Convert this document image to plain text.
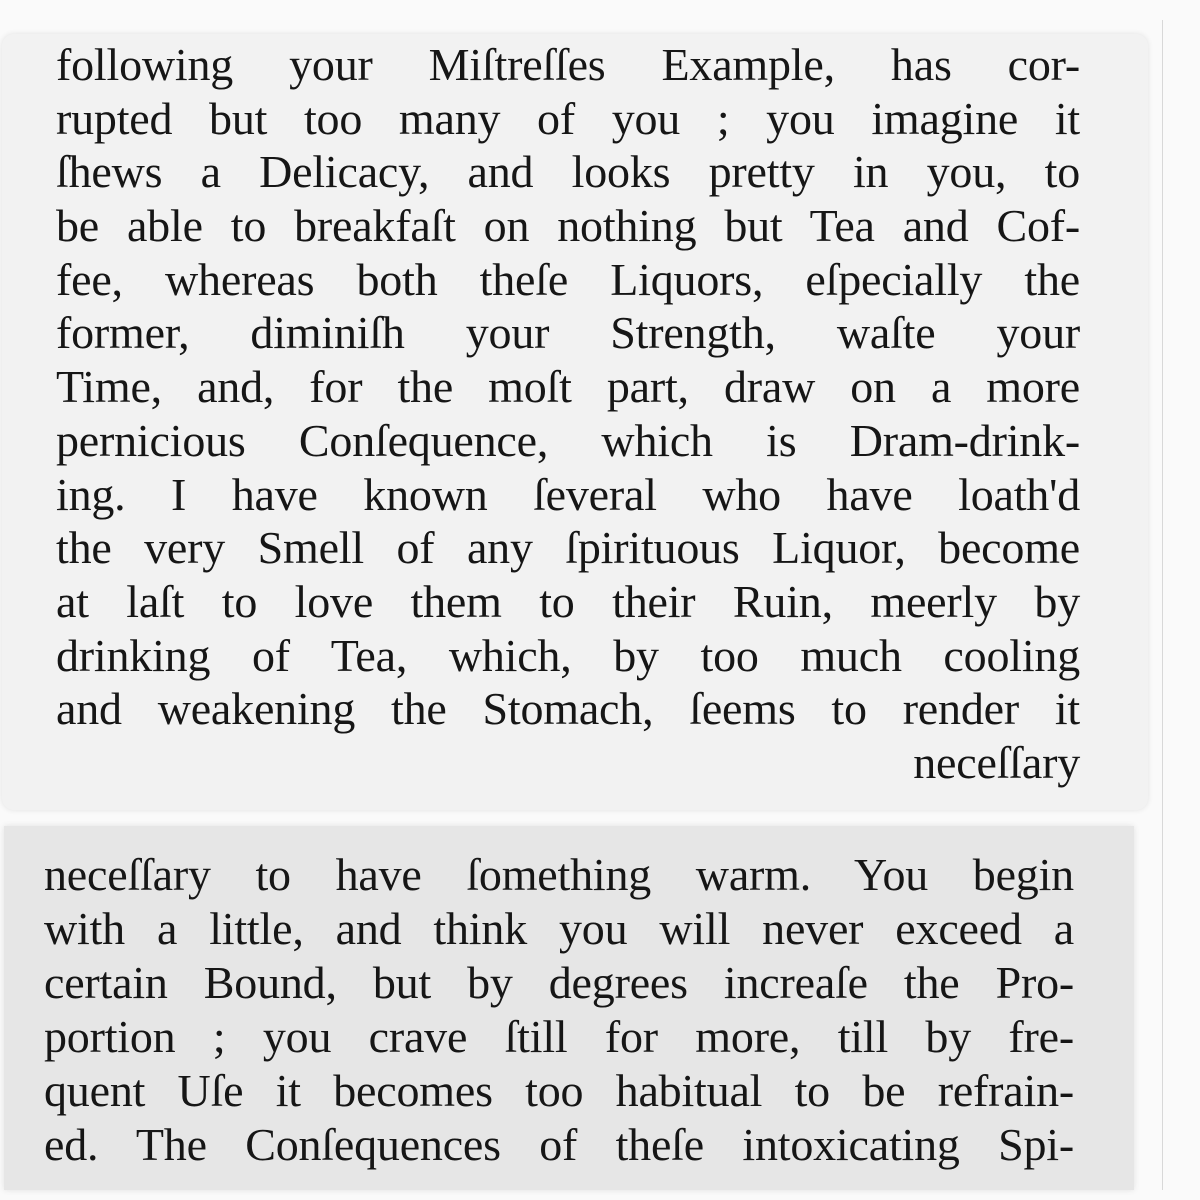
following your Miſtreſſes Example, has cor-
rupted but too many of you ; you imagine it
ſhews a Delicacy, and looks pretty in you, to
be able to breakfaſt on nothing but Tea and Cof-
fee, whereas both theſe Liquors, eſpecially the
former, diminiſh your Strength, waſte your
Time, and, for the moſt part, draw on a more
pernicious Conſequence, which is Dram-drink-
ing. I have known ſeveral who have loath'd
the very Smell of any ſpirituous Liquor, become
at laſt to love them to their Ruin, meerly by
drinking of Tea, which, by too much cooling
and weakening the Stomach, ſeems to render it
neceſſary
neceſſary to have ſomething warm. You begin
with a little, and think you will never exceed a
certain Bound, but by degrees increaſe the Pro-
portion ; you crave ſtill for more, till by fre-
quent Uſe it becomes too habitual to be refrain-
ed. The Conſequences of theſe intoxicating Spi-
